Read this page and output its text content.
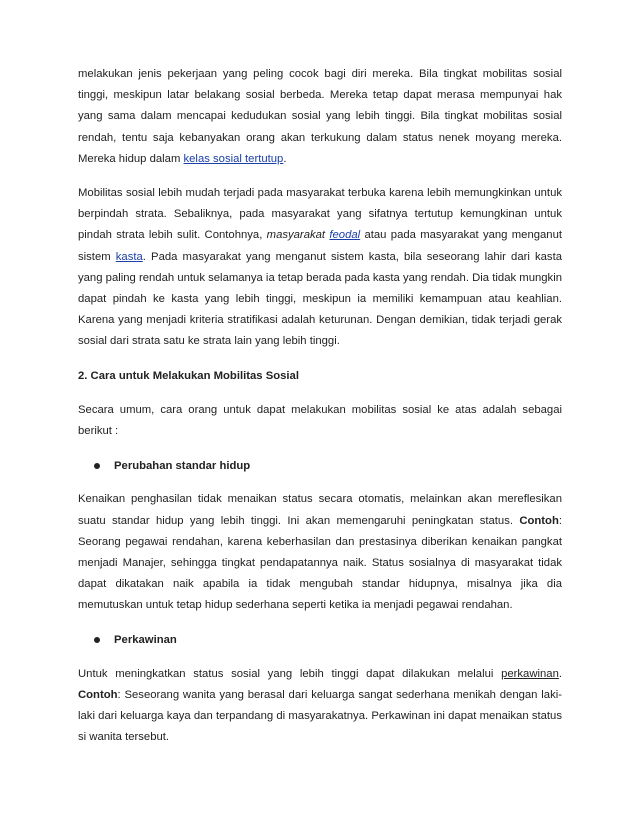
melakukan jenis pekerjaan yang peling cocok bagi diri mereka. Bila tingkat mobilitas sosial tinggi, meskipun latar belakang sosial berbeda. Mereka tetap dapat merasa mempunyai hak yang sama dalam mencapai kedudukan sosial yang lebih tinggi. Bila tingkat mobilitas sosial rendah, tentu saja kebanyakan orang akan terkukung dalam status nenek moyang mereka. Mereka hidup dalam kelas sosial tertutup.

Mobilitas sosial lebih mudah terjadi pada masyarakat terbuka karena lebih memungkinkan untuk berpindah strata. Sebaliknya, pada masyarakat yang sifatnya tertutup kemungkinan untuk pindah strata lebih sulit. Contohnya, masyarakat feodal atau pada masyarakat yang menganut sistem kasta. Pada masyarakat yang menganut sistem kasta, bila seseorang lahir dari kasta yang paling rendah untuk selamanya ia tetap berada pada kasta yang rendah. Dia tidak mungkin dapat pindah ke kasta yang lebih tinggi, meskipun ia memiliki kemampuan atau keahlian. Karena yang menjadi kriteria stratifikasi adalah keturunan. Dengan demikian, tidak terjadi gerak sosial dari strata satu ke strata lain yang lebih tinggi.

2. Cara untuk Melakukan Mobilitas Sosial

Secara umum, cara orang untuk dapat melakukan mobilitas sosial ke atas adalah sebagai berikut :

Perubahan standar hidup

Kenaikan penghasilan tidak menaikan status secara otomatis, melainkan akan mereflesikan suatu standar hidup yang lebih tinggi. Ini akan memengaruhi peningkatan status. Contoh: Seorang pegawai rendahan, karena keberhasilan dan prestasinya diberikan kenaikan pangkat menjadi Manajer, sehingga tingkat pendapatannya naik. Status sosialnya di masyarakat tidak dapat dikatakan naik apabila ia tidak mengubah standar hidupnya, misalnya jika dia memutuskan untuk tetap hidup sederhana seperti ketika ia menjadi pegawai rendahan.

Perkawinan

Untuk meningkatkan status sosial yang lebih tinggi dapat dilakukan melalui perkawinan. Contoh: Seseorang wanita yang berasal dari keluarga sangat sederhana menikah dengan laki-laki dari keluarga kaya dan terpandang di masyarakatnya. Perkawinan ini dapat menaikan status si wanita tersebut.
